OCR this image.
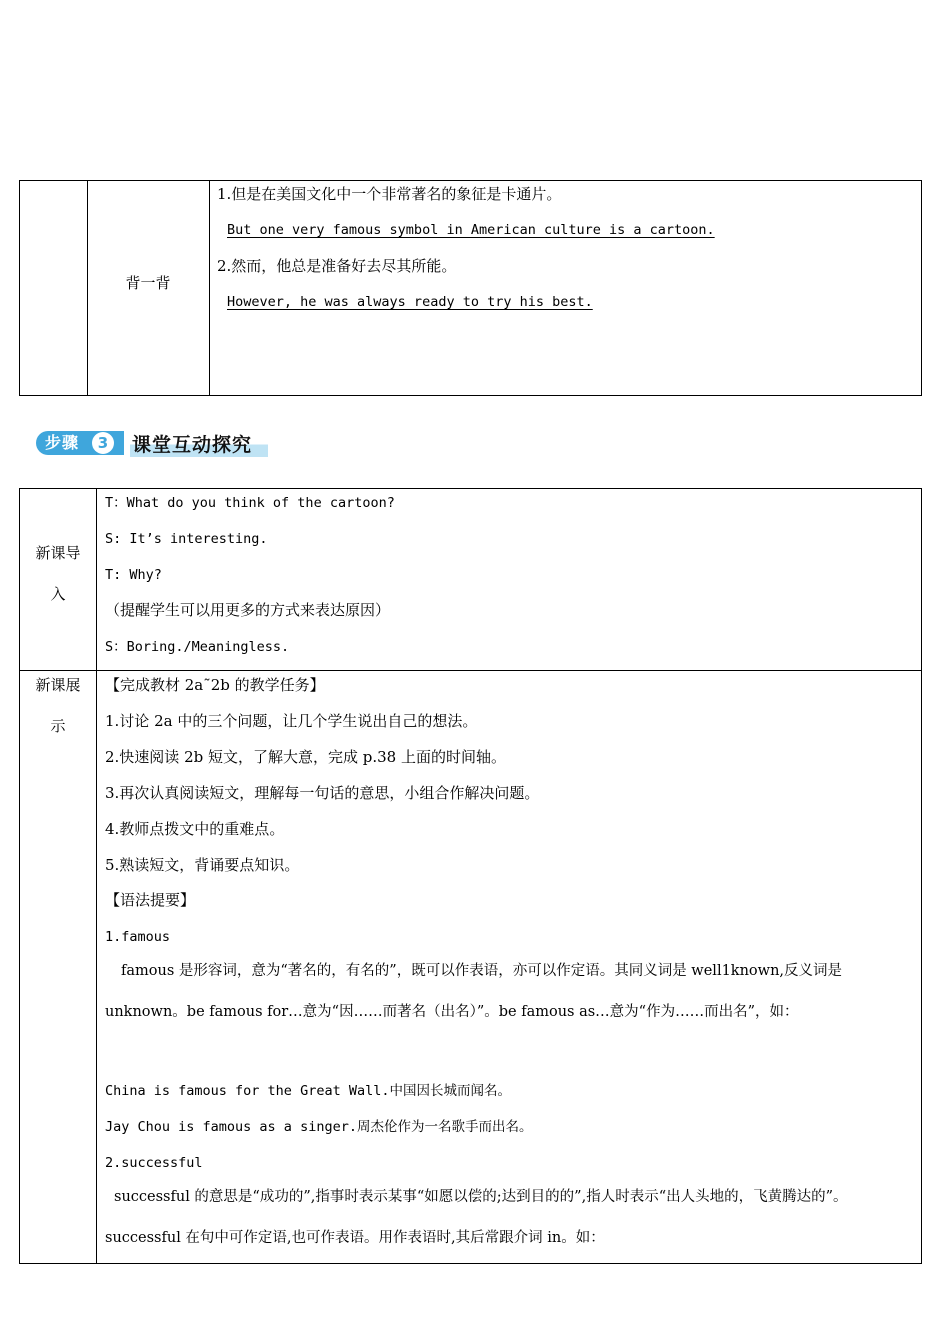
背一背
1.但是在美国文化中一个非常著名的象征是卡通片。
But one very famous symbol in American culture is a cartoon.
2.然而，他总是准备好去尽其所能。
However, he was always ready to try his best.
步骤	3	课堂互动探究
新课导
入
T：What do you think of the cartoon?
S: It’s interesting.
T: Why?
（提醒学生可以用更多的方式来表达原因）
S：Boring./Meaningless.
新课展
示
【完成教材 2a˜2b 的教学任务】
1.讨论 2a 中的三个问题，让几个学生说出自己的想法。
2.快速阅读 2b 短文，了解大意，完成 p.38 上面的时间轴。
3.再次认真阅读短文，理解每一句话的意思，小组合作解决问题。
4.教师点拨文中的重难点。
5.熟读短文，背诵要点知识。
【语法提要】
1.famous
famous 是形容词，意为“著名的，有名的”，既可以作表语，亦可以作定语。其同义词是 well1known,反义词是 unknown。be famous for…意为“因……而著名（出名）”。be famous as…意为“作为……而出名”，如：
China is famous for the Great Wall.中国因长城而闻名。
Jay Chou is famous as a singer.周杰伦作为一名歌手而出名。
2.successful
successful 的意思是“成功的”,指事时表示某事“如愿以偿的;达到目的的”,指人时表示“出人头地的，飞黄腾达的”。 successful 在句中可作定语,也可作表语。用作表语时,其后常跟介词 in。如：
